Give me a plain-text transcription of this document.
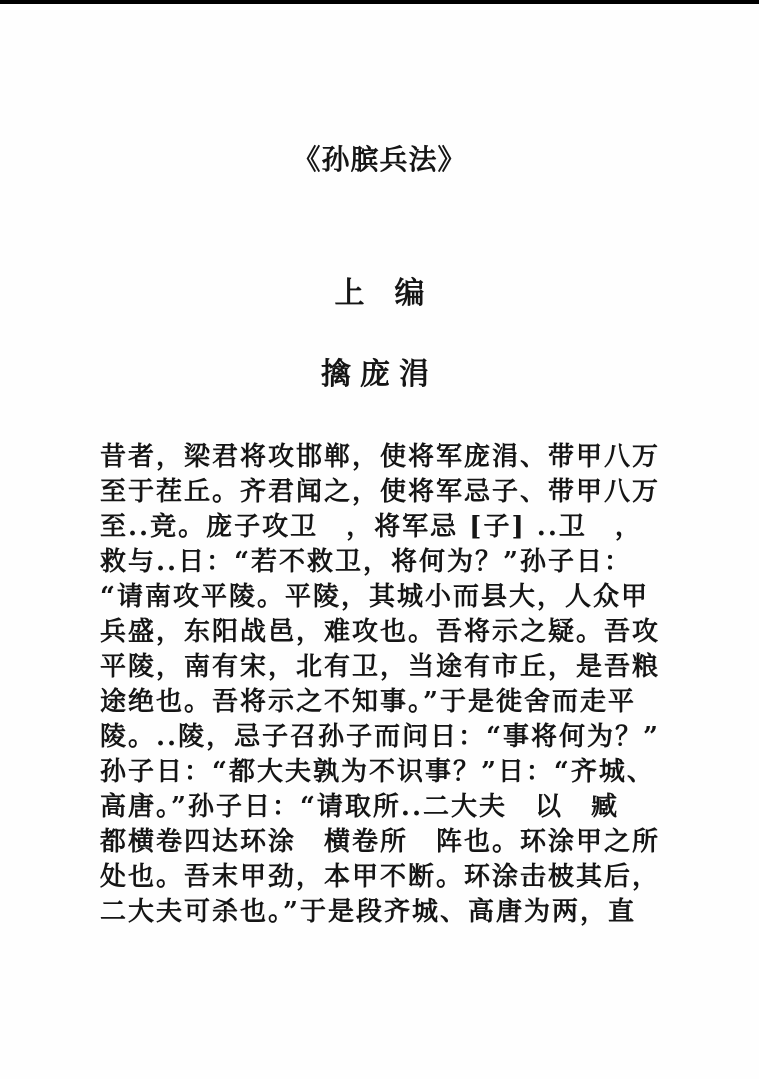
《孙膑兵法》
上　编
擒庞涓
昔者，梁君将攻邯郸，使将军庞涓、带甲八万
至于茬丘。齐君闻之，使将军忌子、带甲八万
至..竞。庞子攻卫　，将军忌 [子] ..卫　，
救与..日：“若不救卫，将何为？”孙子日：
“请南攻平陵。平陵，其城小而县大，人众甲
兵盛，东阳战邑，难攻也。吾将示之疑。吾攻
平陵，南有宋，北有卫，当途有市丘，是吾粮
途绝也。吾将示之不知事。”于是徙舍而走平
陵。..陵，忌子召孙子而问日：“事将何为？”
孙子日：“都大夫孰为不识事？”日：“齐城、
高唐。”孙子日：“请取所..二大夫　以　臧
都横卷四达环涂　横卷所　阵也。环涂甲之所
处也。吾末甲劲，本甲不断。环涂击柀其后，
二大夫可杀也。”于是段齐城、高唐为两，直
